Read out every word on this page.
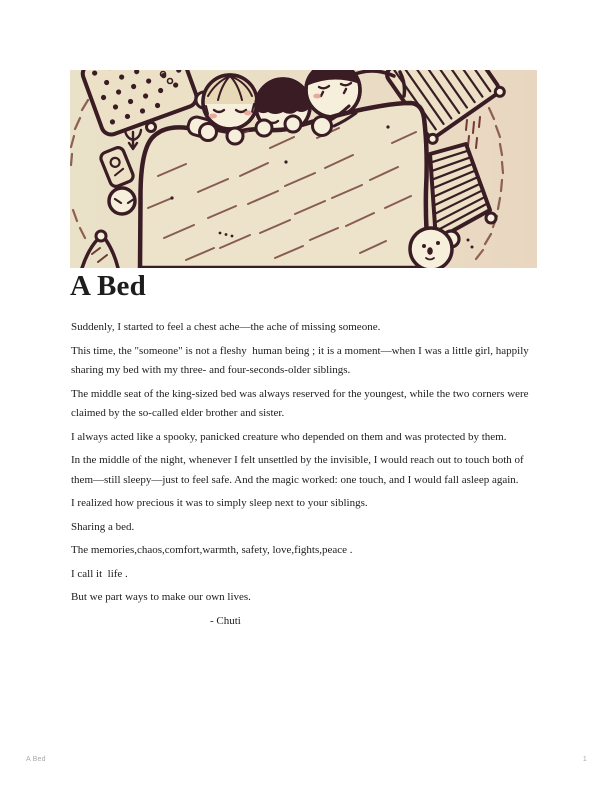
A Bed

Suddenly, I started to feel a chest ache—the ache of missing someone.

This time, the "someone" is not a fleshy  human being ; it is a moment—when I was a little girl, happily sharing my bed with my three- and four-seconds-older siblings.

The middle seat of the king-sized bed was always reserved for the youngest, while the two corners were claimed by the so-called elder brother and sister.

I always acted like a spooky, panicked creature who depended on them and was protected by them.

In the middle of the night, whenever I felt unsettled by the invisible, I would reach out to touch both of them—still sleepy—just to feel safe. And the magic worked: one touch, and I would fall asleep again.

I realized how precious it was to simply sleep next to your siblings.

Sharing a bed.

The memories,chaos,comfort,warmth, safety, love,fights,peace .

I call it  life .

But we part ways to make our own lives.

- Chuti
A Bed	1
